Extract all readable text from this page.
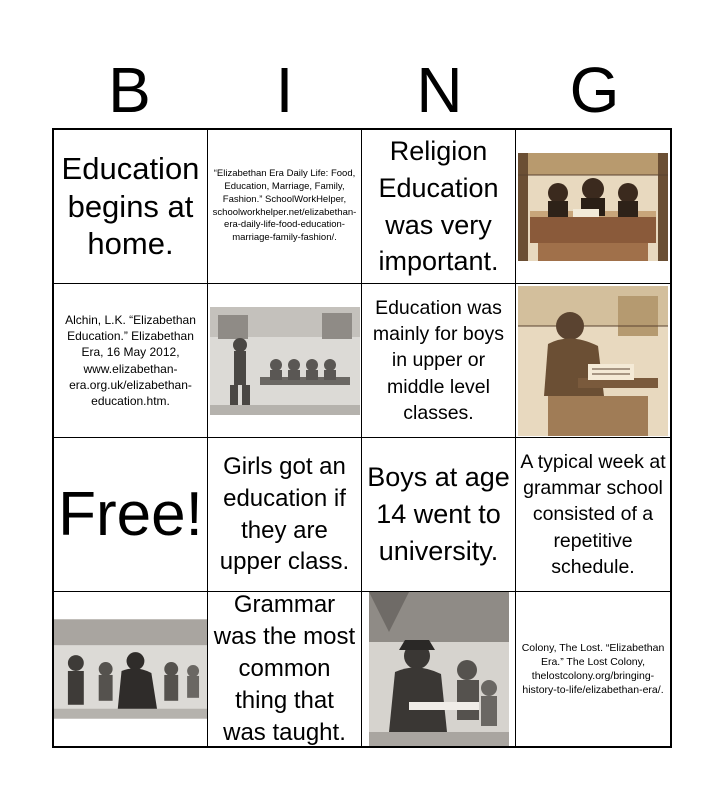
B	I	N	G
Education begins at home.
“Elizabethan Era Daily Life: Food, Education, Marriage, Family, Fashion.” SchoolWorkHelper, schoolworkhelper.net/elizabethan-era-daily-life-food-education-marriage-family-fashion/.
Religion Education was very important.
Alchin, L.K. “Elizabethan Education.” Elizabethan Era, 16 May 2012, www.elizabethan-era.org.uk/elizabethan-education.htm.
Education was mainly for boys in upper or middle level classes.
Free!
Girls got an education if they are upper class.
Boys at age 14 went to university.
A typical week at grammar school consisted of a repetitive schedule.
Grammar was the most common thing that was taught.
Colony, The Lost. “Elizabethan Era.” The Lost Colony, thelostcolony.org/bringing-history-to-life/elizabethan-era/.
